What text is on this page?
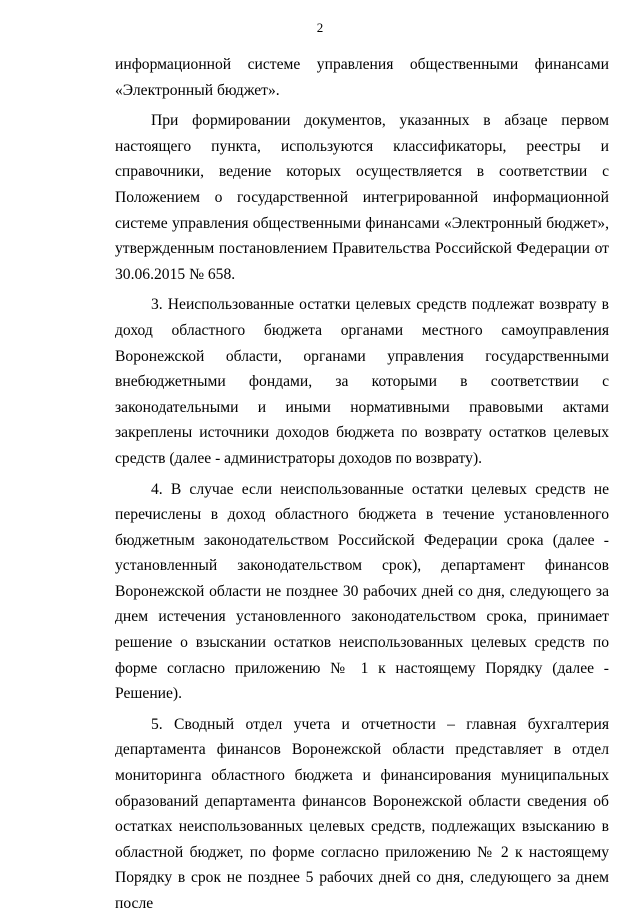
2

информационной системе управления общественными финансами «Электронный бюджет».

При формировании документов, указанных в абзаце первом настоящего пункта, используются классификаторы, реестры и справочники, ведение которых осуществляется в соответствии с Положением о государственной интегрированной информационной системе управления общественными финансами «Электронный бюджет», утвержденным постановлением Правительства Российской Федерации от 30.06.2015 № 658.

3. Неиспользованные остатки целевых средств подлежат возврату в доход областного бюджета органами местного самоуправления Воронежской области, органами управления государственными внебюджетными фондами, за которыми в соответствии с законодательными и иными нормативными правовыми актами закреплены источники доходов бюджета по возврату остатков целевых средств (далее - администраторы доходов по возврату).

4. В случае если неиспользованные остатки целевых средств не перечислены в доход областного бюджета в течение установленного бюджетным законодательством Российской Федерации срока (далее - установленный законодательством срок), департамент финансов Воронежской области не позднее 30 рабочих дней со дня, следующего за днем истечения установленного законодательством срока, принимает решение о взыскании остатков неиспользованных целевых средств по форме согласно приложению № 1 к настоящему Порядку (далее - Решение).

5. Сводный отдел учета и отчетности – главная бухгалтерия департамента финансов Воронежской области представляет в отдел мониторинга областного бюджета и финансирования муниципальных образований департамента финансов Воронежской области сведения об остатках неиспользованных целевых средств, подлежащих взысканию в областной бюджет, по форме согласно приложению № 2 к настоящему Порядку в срок не позднее 5 рабочих дней со дня, следующего за днем после
